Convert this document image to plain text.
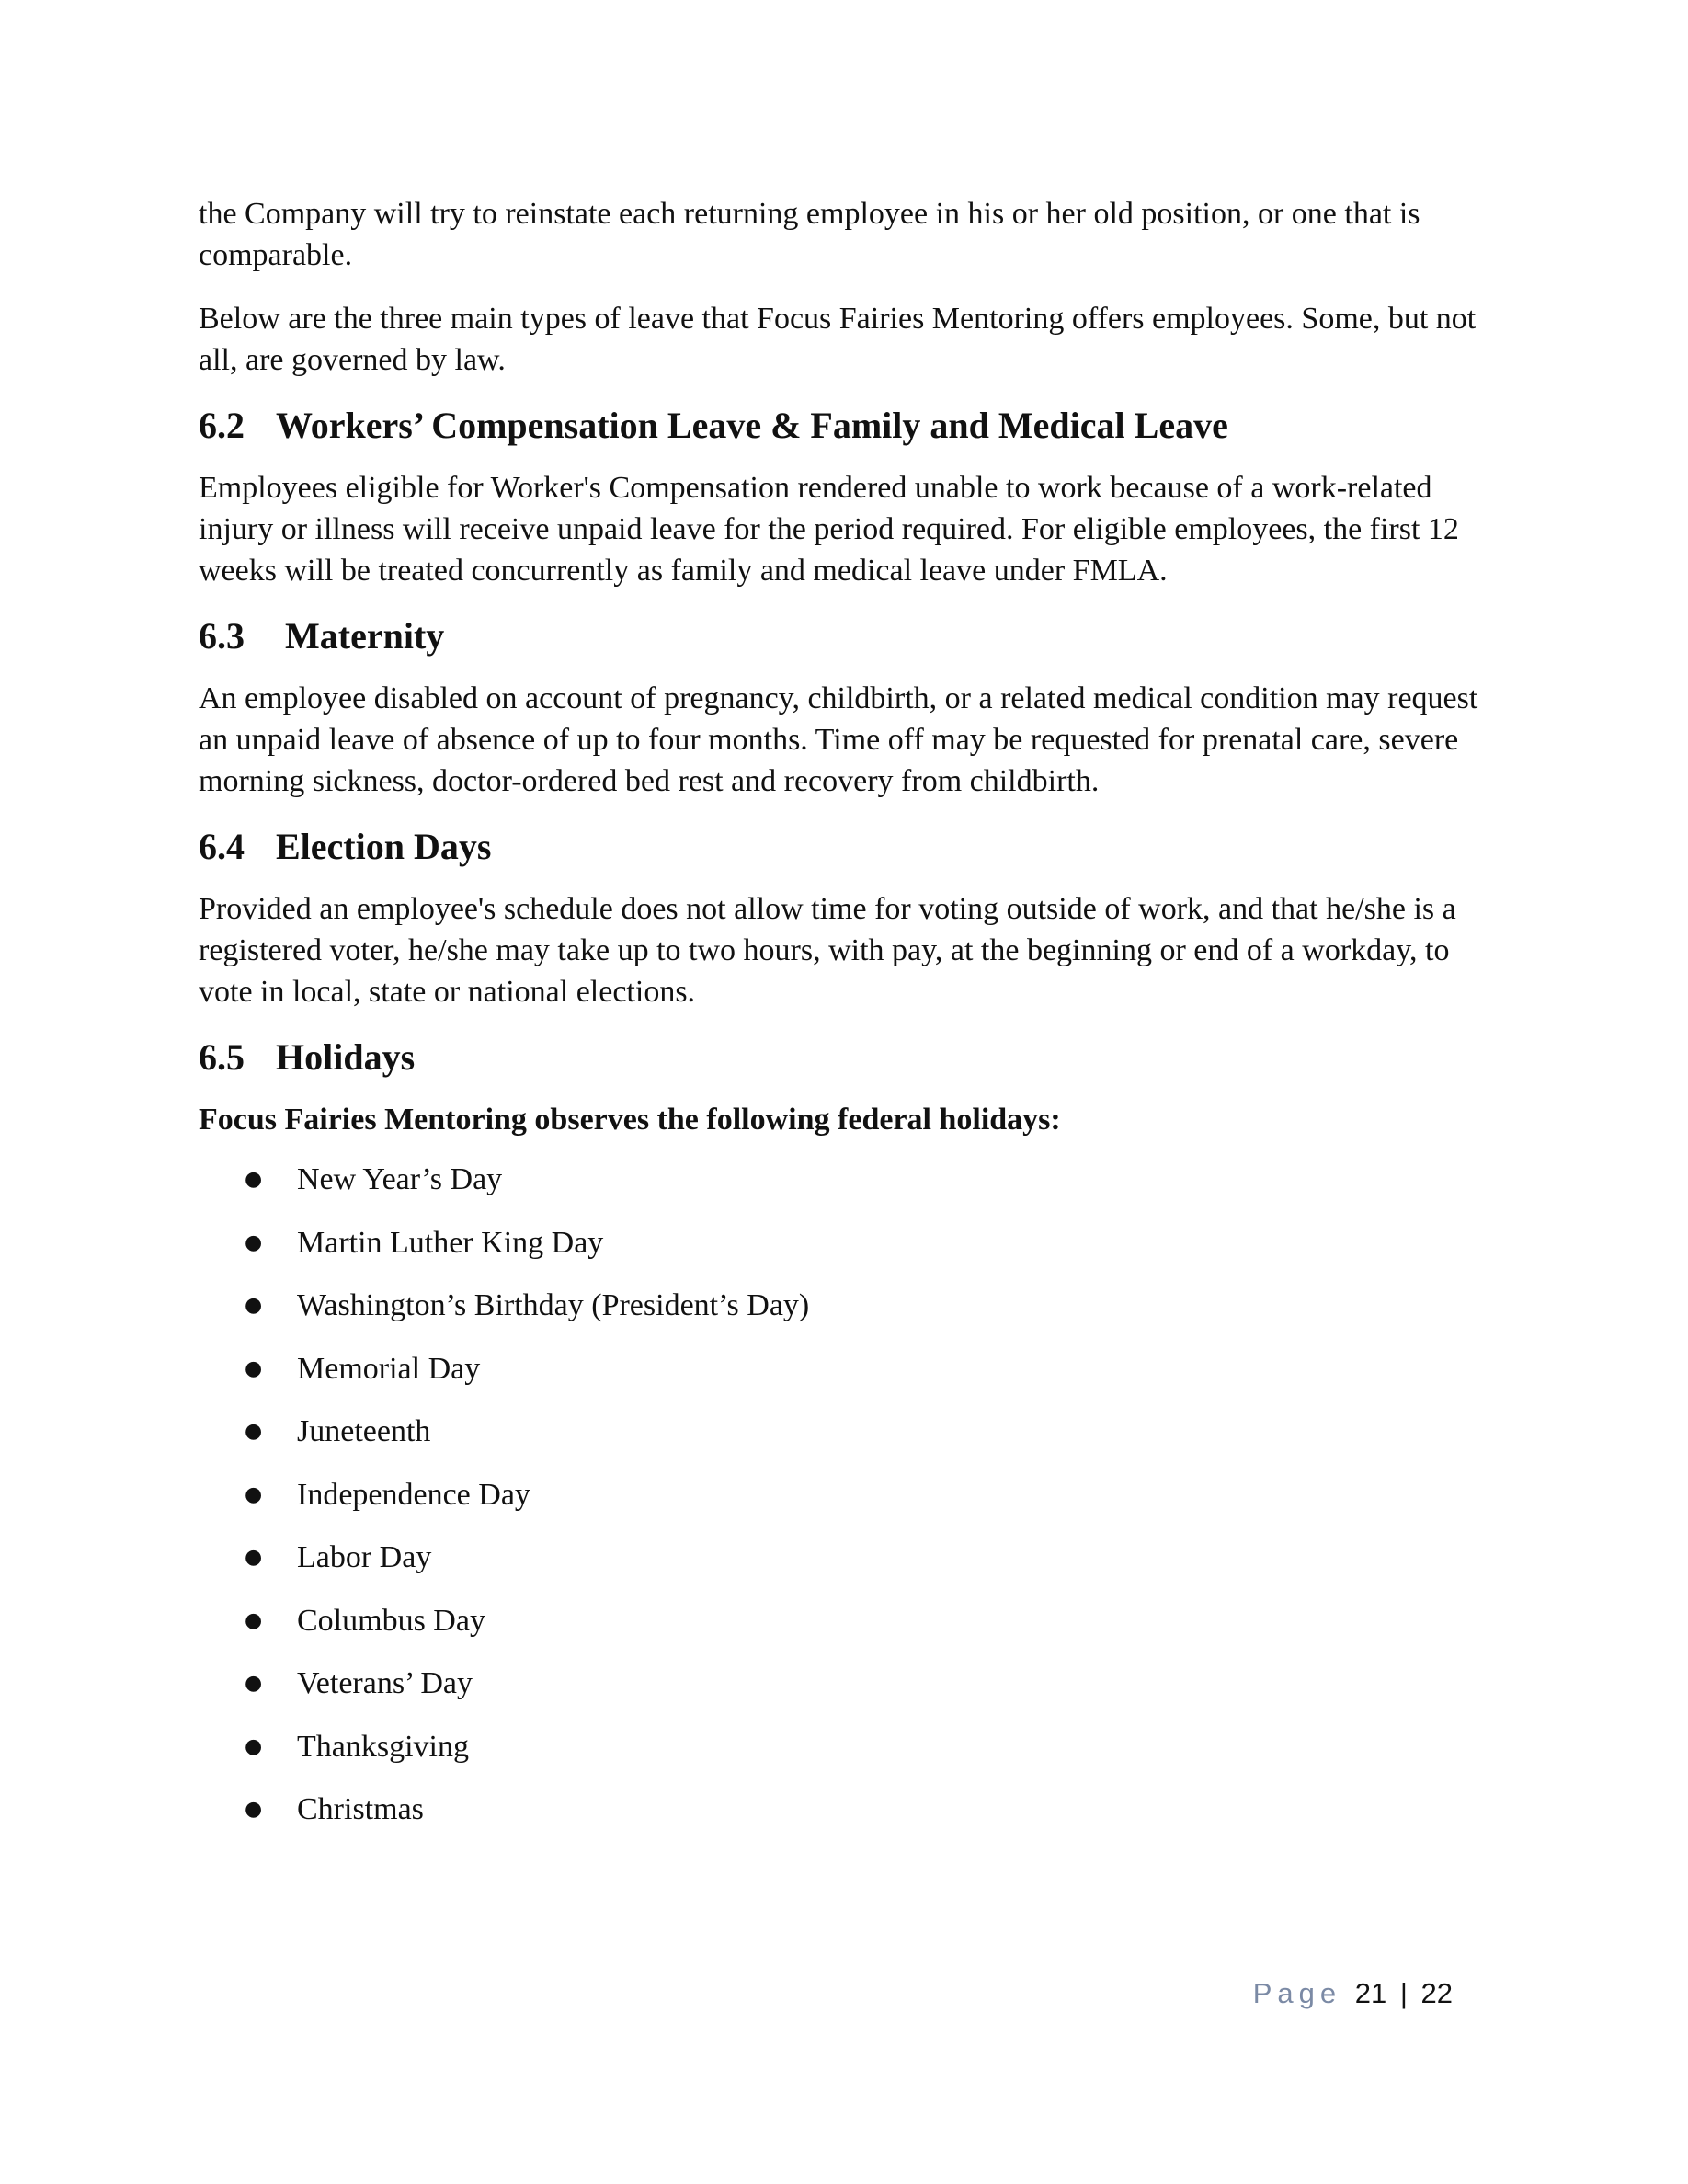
the Company will try to reinstate each returning employee in his or her old position, or one that is comparable.

Below are the three main types of leave that Focus Fairies Mentoring offers employees. Some, but not all, are governed by law.

6.2 Workers’ Compensation Leave & Family and Medical Leave

Employees eligible for Worker's Compensation rendered unable to work because of a work-related injury or illness will receive unpaid leave for the period required. For eligible employees, the first 12 weeks will be treated concurrently as family and medical leave under FMLA.

6.3	Maternity

An employee disabled on account of pregnancy, childbirth, or a related medical condition may request an unpaid leave of absence of up to four months. Time off may be requested for prenatal care, severe morning sickness, doctor-ordered bed rest and recovery from childbirth.

6.4 Election Days

Provided an employee's schedule does not allow time for voting outside of work, and that he/she is a registered voter, he/she may take up to two hours, with pay, at the beginning or end of a workday, to vote in local, state or national elections.

6.5 Holidays

Focus Fairies Mentoring observes the following federal holidays:

●	New Year’s Day
●	Martin Luther King Day
●	Washington’s Birthday (President’s Day)
●	Memorial Day
●	Juneteenth
●	Independence Day
●	Labor Day
●	Columbus Day
●	Veterans’ Day
●	Thanksgiving
●	Christmas
Page 21 | 22
